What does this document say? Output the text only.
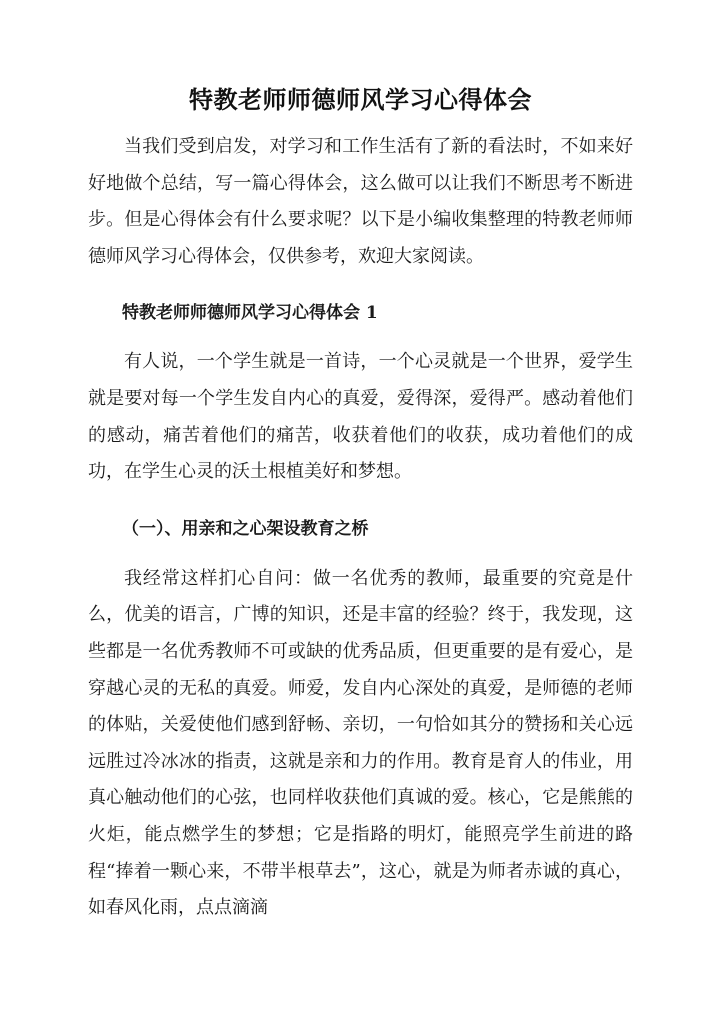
特教老师师德师风学习心得体会

当我们受到启发，对学习和工作生活有了新的看法时，不如来好好地做个总结，写一篇心得体会，这么做可以让我们不断思考不断进步。但是心得体会有什么要求呢？以下是小编收集整理的特教老师师德师风学习心得体会，仅供参考，欢迎大家阅读。

特教老师师德师风学习心得体会 1

有人说，一个学生就是一首诗，一个心灵就是一个世界，爱学生就是要对每一个学生发自内心的真爱，爱得深，爱得严。感动着他们的感动，痛苦着他们的痛苦，收获着他们的收获，成功着他们的成功，在学生心灵的沃土根植美好和梦想。

（一）、用亲和之心架设教育之桥

我经常这样扪心自问：做一名优秀的教师，最重要的究竟是什么，优美的语言，广博的知识，还是丰富的经验？终于，我发现，这些都是一名优秀教师不可或缺的优秀品质，但更重要的是有爱心，是穿越心灵的无私的真爱。师爱，发自内心深处的真爱，是师德的老师的体贴，关爱使他们感到舒畅、亲切，一句恰如其分的赞扬和关心远远胜过冷冰冰的指责，这就是亲和力的作用。教育是育人的伟业，用真心触动他们的心弦，也同样收获他们真诚的爱。核心，它是熊熊的火炬，能点燃学生的梦想；它是指路的明灯，能照亮学生前进的路程“捧着一颗心来，不带半根草去”，这心，就是为师者赤诚的真心，如春风化雨，点点滴滴
